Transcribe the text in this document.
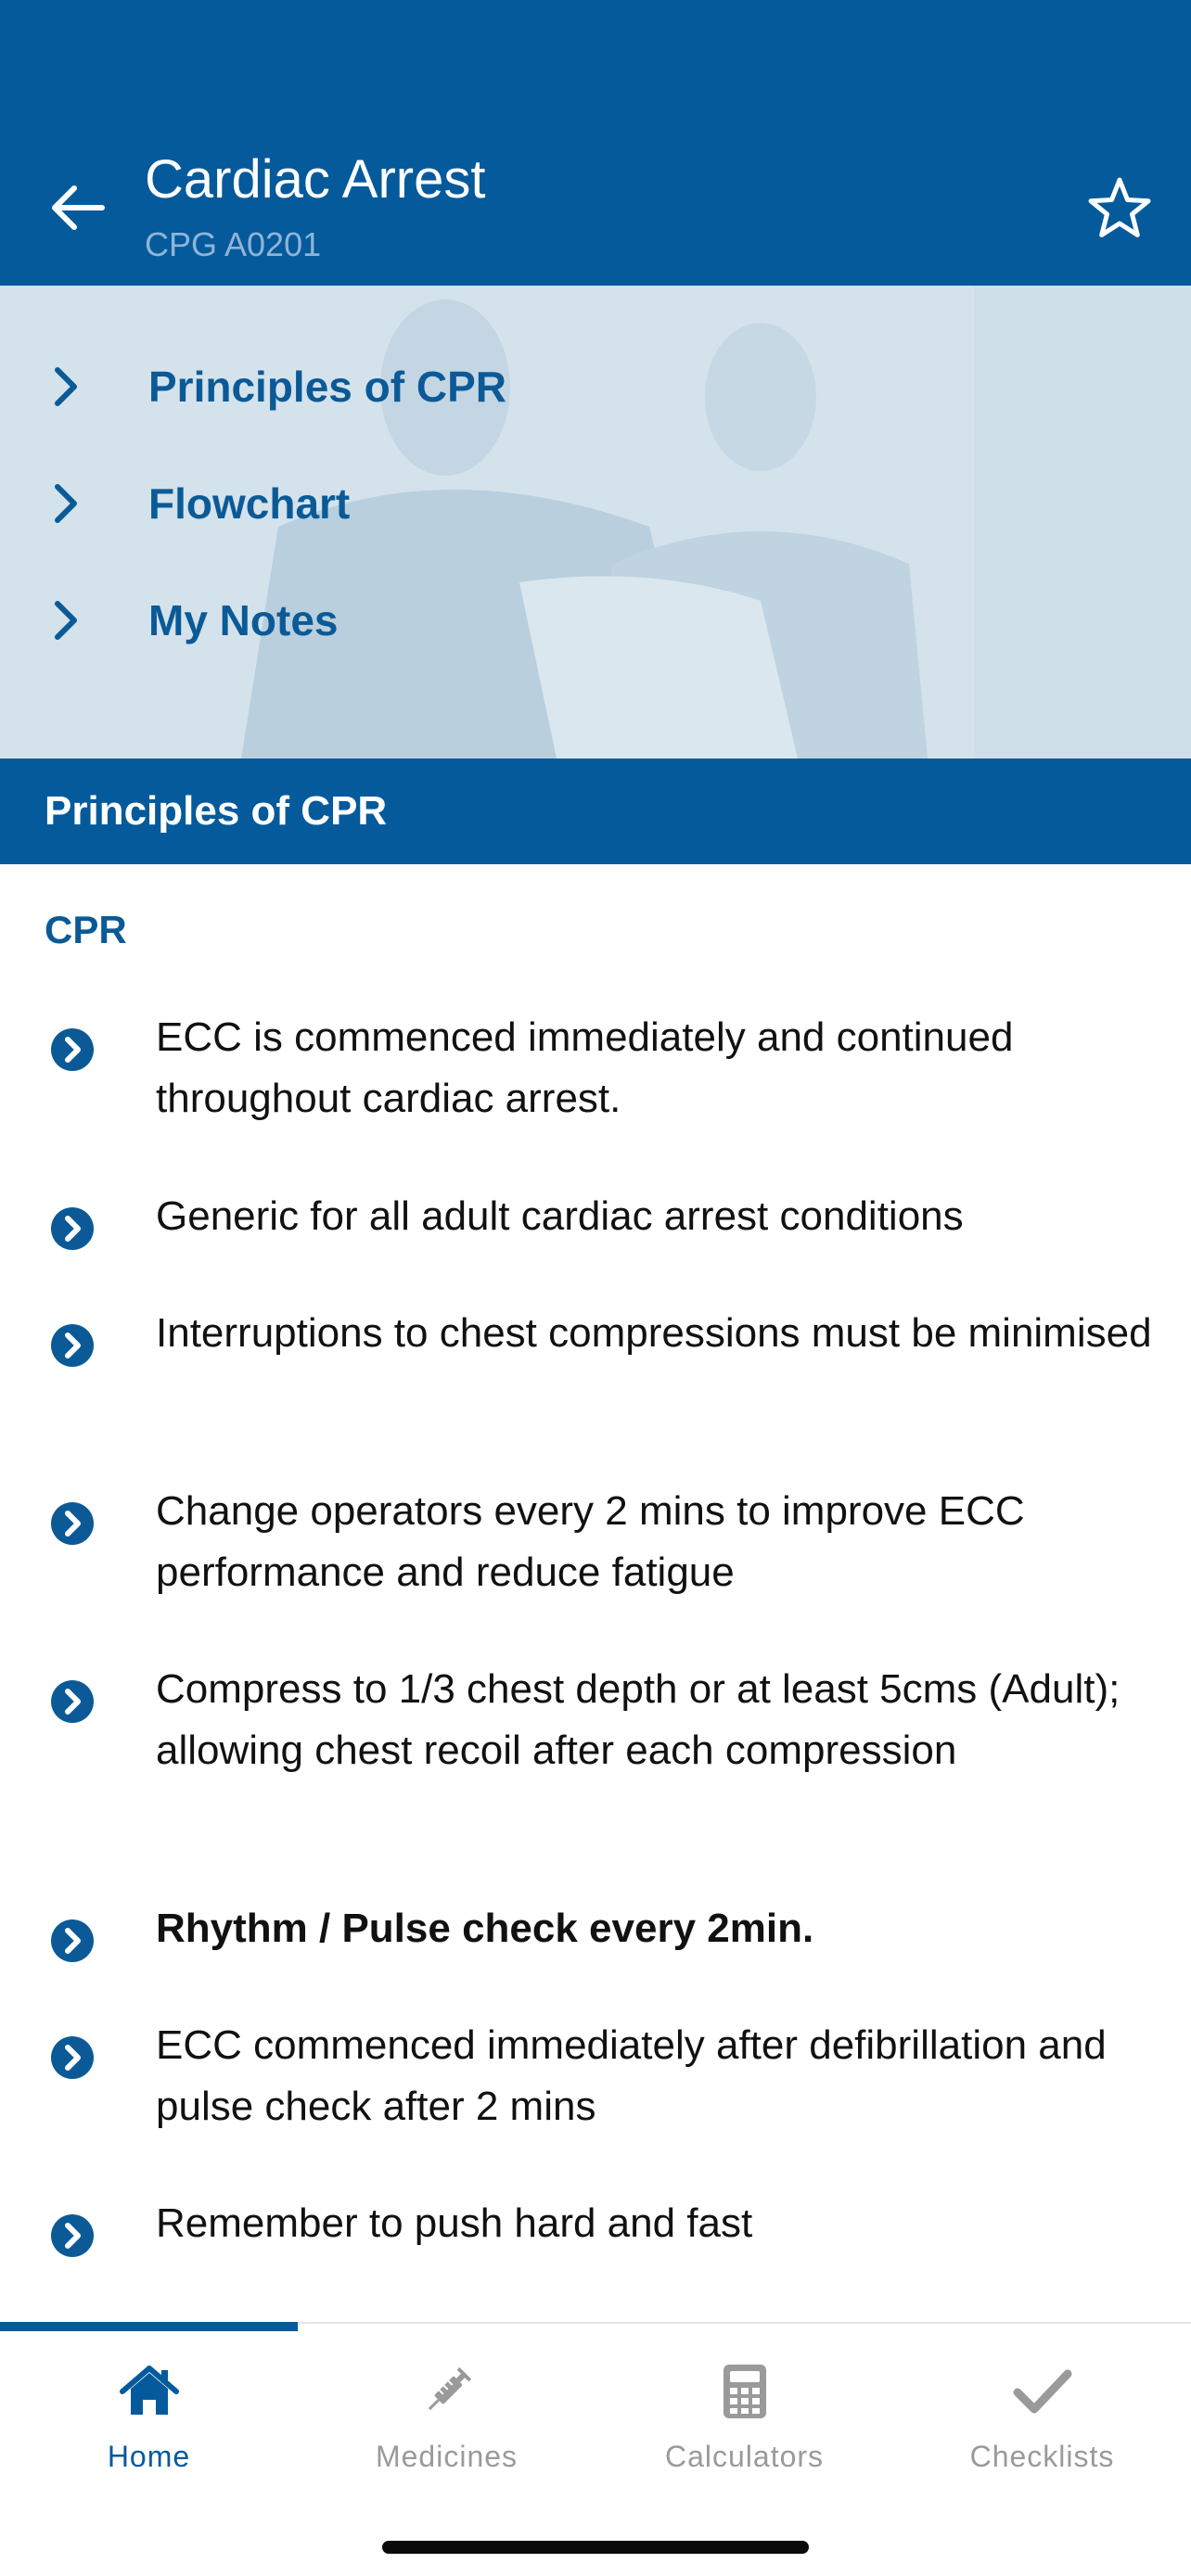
Cardiac Arrest
CPG A0201
Principles of CPR
Flowchart
My Notes
Principles of CPR
CPR
ECC is commenced immediately and continued throughout cardiac arrest.
Generic for all adult cardiac arrest conditions
Interruptions to chest compressions must be minimised
Change operators every 2 mins to improve ECC performance and reduce fatigue
Compress to 1/3 chest depth or at least 5cms (Adult); allowing chest recoil after each compression
Rhythm / Pulse check every 2min.
ECC commenced immediately after defibrillation and pulse check after 2 mins
Remember to push hard and fast
Home	Medicines	Calculators	Checklists
